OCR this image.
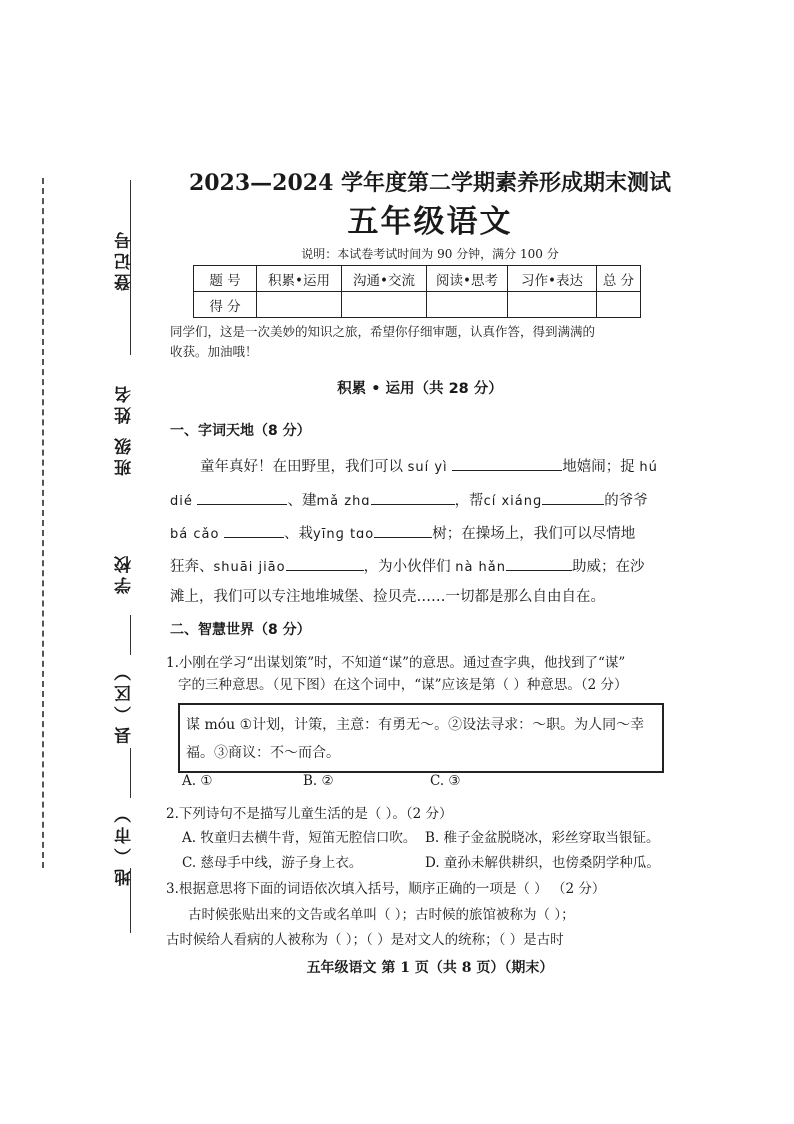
登记号
班级 姓名
学校
县（区）
地（市）
2023—2024 学年度第二学期素养形成期末测试
五年级语文
说明：本试卷考试时间为 90 分钟，满分 100 分
题 号	积累•运用	沟通•交流	阅读•思考	习作•表达	总 分
得 分					
同学们，这是一次美妙的知识之旅，希望你仔细审题，认真作答，得到满满的
收获。加油哦！
积累 • 运用（共 28 分）
一、字词天地（8 分）
童年真好！在田野里，我们可以 suí yì	地嬉闹；捉 hú
dié	、建mǎ zhɑ	，帮cí xiánɡ	的爷爷
bá cǎo	、栽yīnɡ tɑo	树；在操场上，我们可以尽情地
狂奔、shuāi jiāo	，为小伙伴们 nà hǎn	助威；在沙
滩上，我们可以专注地堆城堡、捡贝壳……一切都是那么自由自在。
二、智慧世界（8 分）
1.小刚在学习“出谋划策”时，不知道“谋”的意思。通过查字典，他找到了“谋”
字的三种意思。（见下图）在这个词中，“谋”应该是第（ ）种意思。（2 分）
谋 móu ①计划，计策，主意：有勇无～。②设法寻求：～职。为人同～幸
福。③商议：不～而合。
A. ①	B. ②	C. ③
2.下列诗句不是描写儿童生活的是（ ）。（2 分）
A. 牧童归去横牛背，短笛无腔信口吹。 B. 稚子金盆脱晓冰，彩丝穿取当银钲。
C. 慈母手中线，游子身上衣。	D. 童孙未解供耕织，也傍桑阴学种瓜。
3.根据意思将下面的词语依次填入括号，顺序正确的一项是（ ） （2 分）
古时候张贴出来的文告或名单叫（ ）；古时候的旅馆被称为（ ）；
古时候给人看病的人被称为（ ）；（ ）是对文人的统称；（ ）是古时
五年级语文 第 1 页（共 8 页）（期末）
